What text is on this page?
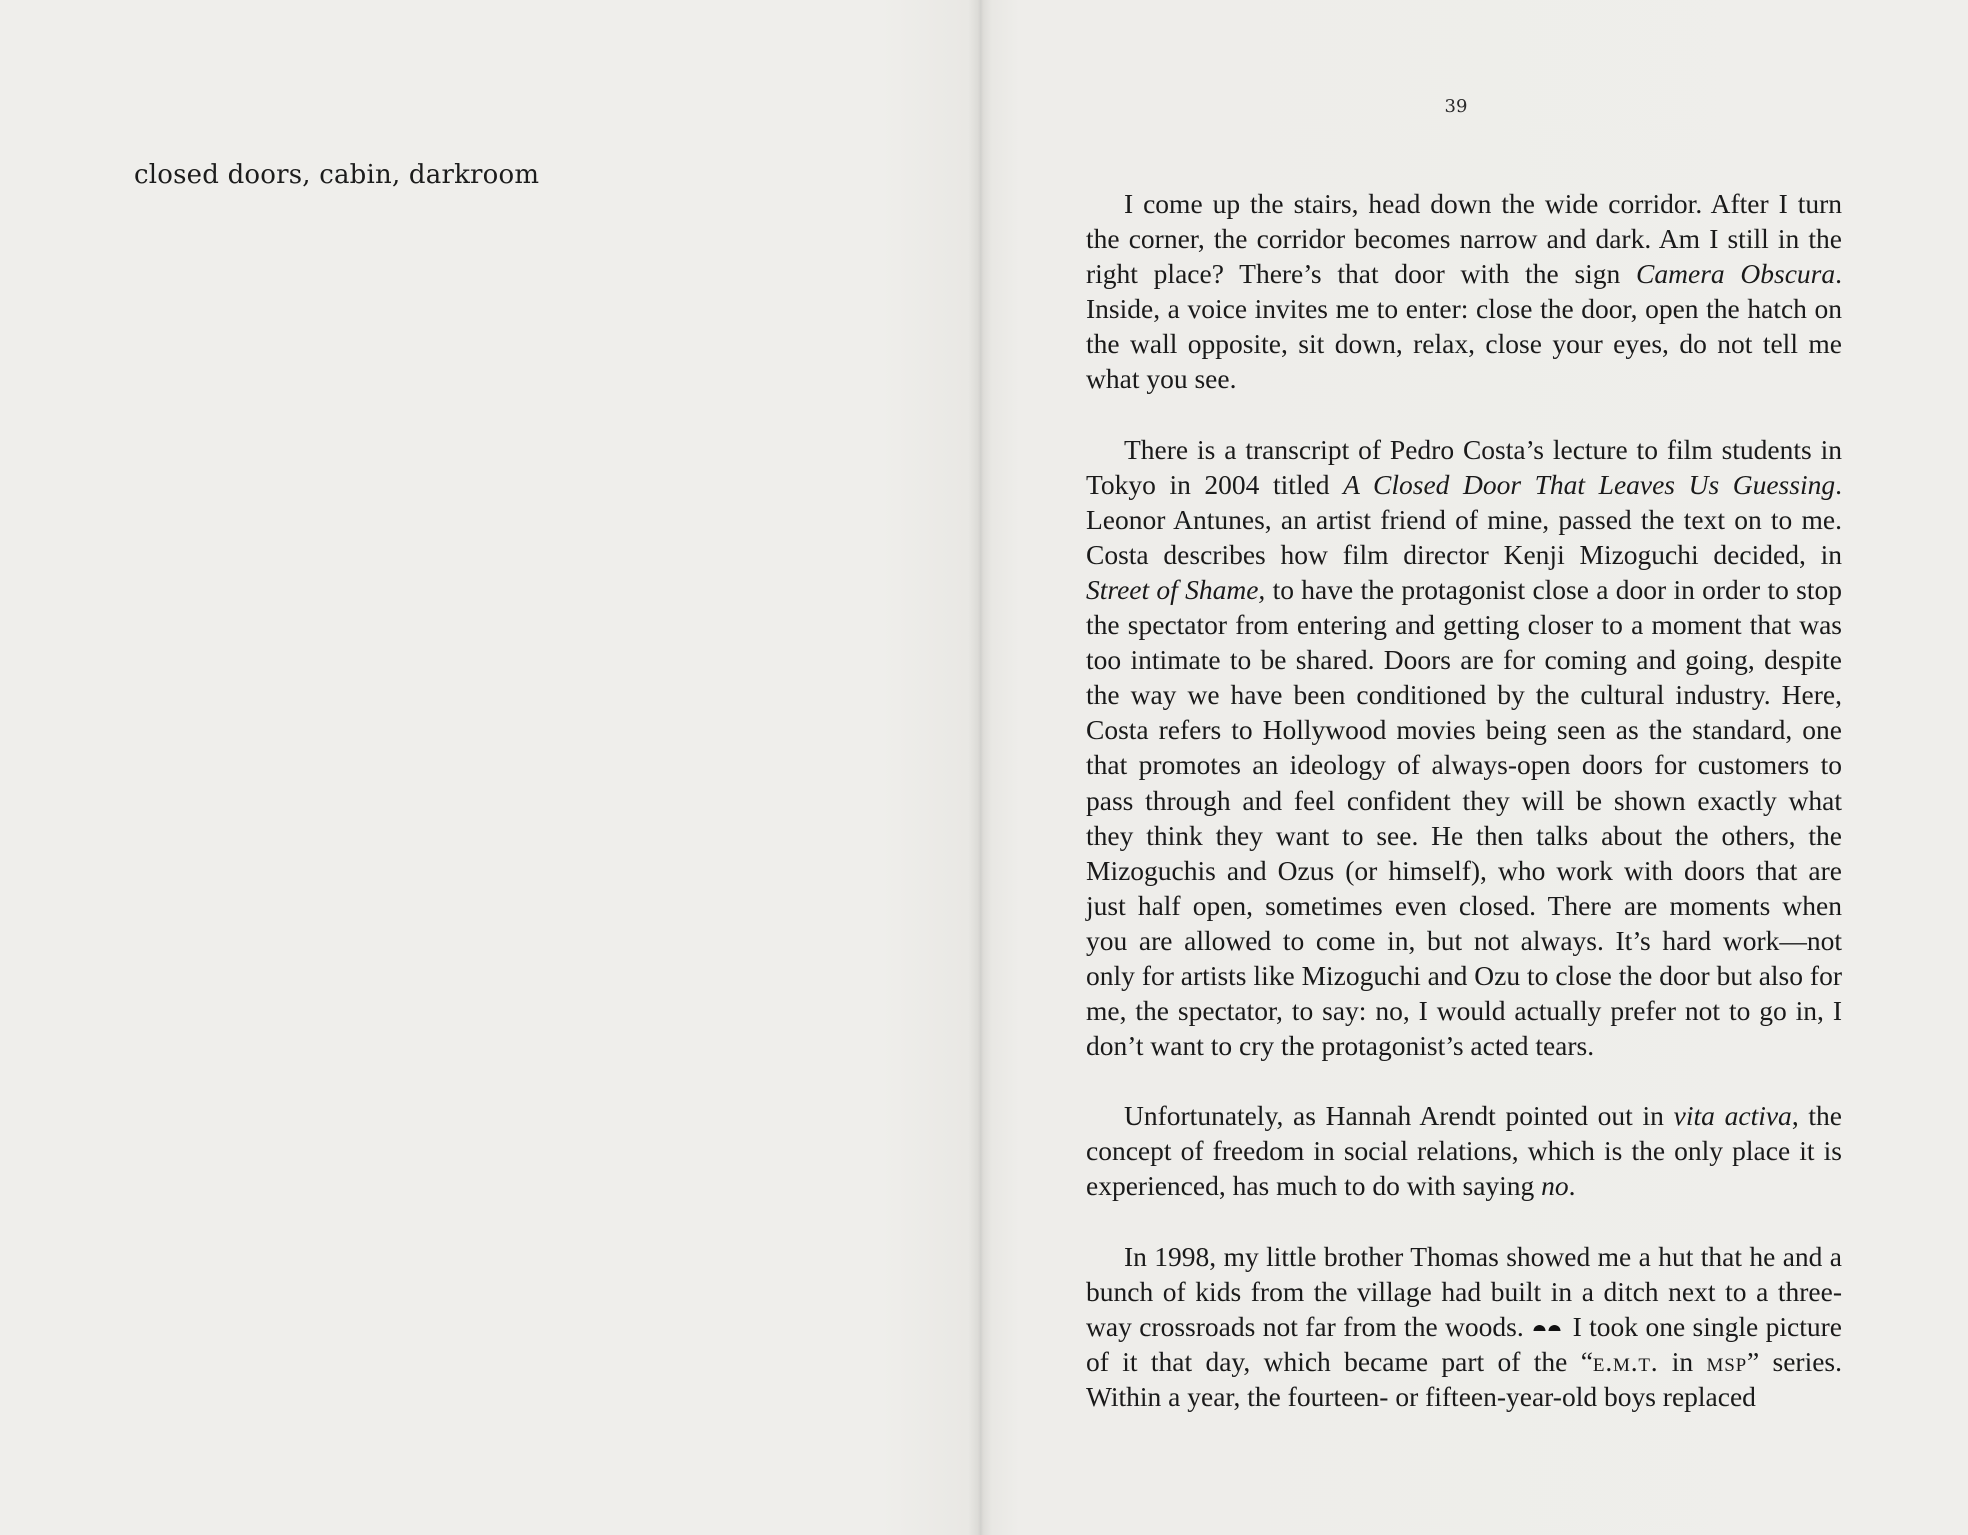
closed doors, cabin, darkroom
39

I come up the stairs, head down the wide corridor. After I turn the corner, the corridor becomes narrow and dark. Am I still in the right place? There’s that door with the sign Camera Obscura. Inside, a voice invites me to enter: close the door, open the hatch on the wall opposite, sit down, relax, close your eyes, do not tell me what you see.

There is a transcript of Pedro Costa’s lecture to film students in Tokyo in 2004 titled A Closed Door That Leaves Us Guessing. Leonor Antunes, an artist friend of mine, passed the text on to me. Costa describes how film director Kenji Mizoguchi decided, in Street of Shame, to have the protagonist close a door in order to stop the spectator from entering and getting closer to a moment that was too intimate to be shared. Doors are for coming and going, despite the way we have been conditioned by the cultural industry. Here, Costa refers to Hollywood movies being seen as the standard, one that promotes an ideology of always-open doors for customers to pass through and feel confident they will be shown exactly what they think they want to see. He then talks about the others, the Mizoguchis and Ozus (or himself), who work with doors that are just half open, sometimes even closed. There are moments when you are allowed to come in, but not always. It’s hard work—not only for artists like Mizoguchi and Ozu to close the door but also for me, the spectator, to say: no, I would actually prefer not to go in, I don’t want to cry the protagonist’s acted tears.

Unfortunately, as Hannah Arendt pointed out in vita activa, the concept of freedom in social relations, which is the only place it is experienced, has much to do with saying no.

In 1998, my little brother Thomas showed me a hut that he and a bunch of kids from the village had built in a ditch next to a three-way crossroads not far from the woods.
I took one single picture of it that day, which became part of the “e.m.t. in msp” series. Within a year, the fourteen- or fifteen-year-old boys replaced
